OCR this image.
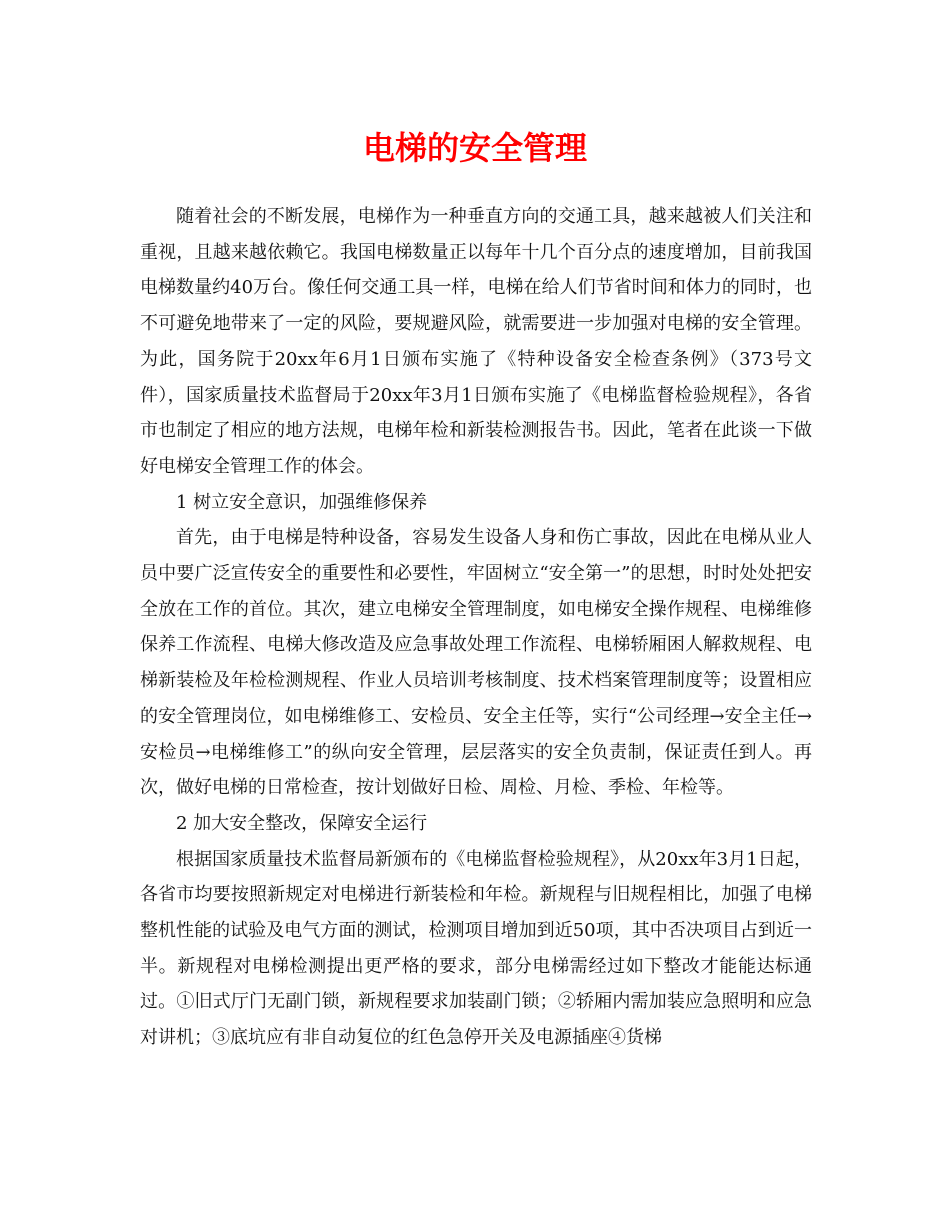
电梯的安全管理

随着社会的不断发展，电梯作为一种垂直方向的交通工具，越来越被人们关注和重视，且越来越依赖它。我国电梯数量正以每年十几个百分点的速度增加，目前我国电梯数量约40万台。像任何交通工具一样，电梯在给人们节省时间和体力的同时，也不可避免地带来了一定的风险，要规避风险，就需要进一步加强对电梯的安全管理。为此，国务院于20xx年6月1日颁布实施了《特种设备安全检查条例》（373号文件），国家质量技术监督局于20xx年3月1日颁布实施了《电梯监督检验规程》，各省市也制定了相应的地方法规，电梯年检和新装检测报告书。因此，笔者在此谈一下做好电梯安全管理工作的体会。

1 树立安全意识，加强维修保养

首先，由于电梯是特种设备，容易发生设备人身和伤亡事故，因此在电梯从业人员中要广泛宣传安全的重要性和必要性，牢固树立“安全第一”的思想，时时处处把安全放在工作的首位。其次，建立电梯安全管理制度，如电梯安全操作规程、电梯维修保养工作流程、电梯大修改造及应急事故处理工作流程、电梯轿厢困人解救规程、电梯新装检及年检检测规程、作业人员培训考核制度、技术档案管理制度等；设置相应的安全管理岗位，如电梯维修工、安检员、安全主任等，实行“公司经理→安全主任→安检员→电梯维修工”的纵向安全管理，层层落实的安全负责制，保证责任到人。再次，做好电梯的日常检查，按计划做好日检、周检、月检、季检、年检等。

2 加大安全整改，保障安全运行

根据国家质量技术监督局新颁布的《电梯监督检验规程》，从20xx年3月1日起，各省市均要按照新规定对电梯进行新装检和年检。新规程与旧规程相比，加强了电梯整机性能的试验及电气方面的测试，检测项目增加到近50项，其中否决项目占到近一半。新规程对电梯检测提出更严格的要求，部分电梯需经过如下整改才能能达标通过。①旧式厅门无副门锁，新规程要求加装副门锁；②轿厢内需加装应急照明和应急对讲机；③底坑应有非自动复位的红色急停开关及电源插座④货梯
